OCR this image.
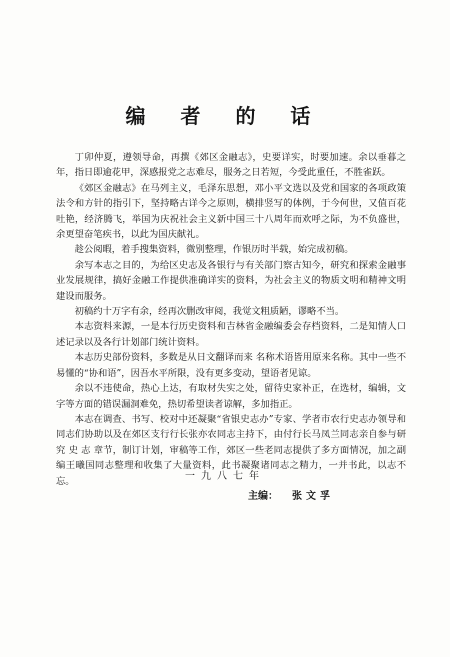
编 者 的 话

丁卯仲夏，遵领导命，再撰《郊区金融志》，史要详实，时要加速。余以垂暮之年，指日即逾花甲，深感报党之志难尽，服务之日若短，今受此重任，不胜雀跃。

《郊区金融志》在马列主义，毛泽东思想，邓小平文选以及党和国家的各项政策法令和方针的指引下，坚持略古详今之原则，横排竖写的体例，于今何世，又值百花吐艳，经济腾飞，举国为庆祝社会主义新中国三十八周年而欢呼之际，为不负盛世，余更望奋笔疾书，以此为国庆献礼。

趁公阅暇，着手搜集资料，微别整理，作银历时半载，始完成初稿。

余写本志之目的，为给区史志及各银行与有关部门察古知今，研究和探索金融事业发展规律，搞好金融工作提供准确详实的资料，为社会主义的物质文明和精神文明建设而服务。

初稿约十万字有余，经再次删改审阅，我觉文粗质陋，谬略不当。

本志资料来源，一是本行历史资料和吉林省金融编委会存档资料，二是知情人口述记录以及各行计划部门统计资料。

本志历史部份资料，多数是从日文翻译而来 名称术语皆用原来名称。其中一些不易懂的“协和语”，因吾水平所限，没有更多变动，望语者见谅。

余以不违使命，热心上达，有取材失实之处，留待史家补正，在选材，编辑，文字等方面的错误漏洞难免，热切希望读者谅解，多加指正。

本志在调查、书写、校对中还凝聚“省银史志办”专家、学者市农行史志办领导和同志们协助以及在郊区支行行长张亦农同志主持下，由付行长马凤兰同志亲自参与研究 史 志 章节，制订计划，审稿等工作，郊区一些老同志提供了多方面情况，加之副编王曦国同志整理和收集了大量资料，此书凝聚诸同志之精力，一并书此，以志不忘。	一九八七年
主编： 张文孚
